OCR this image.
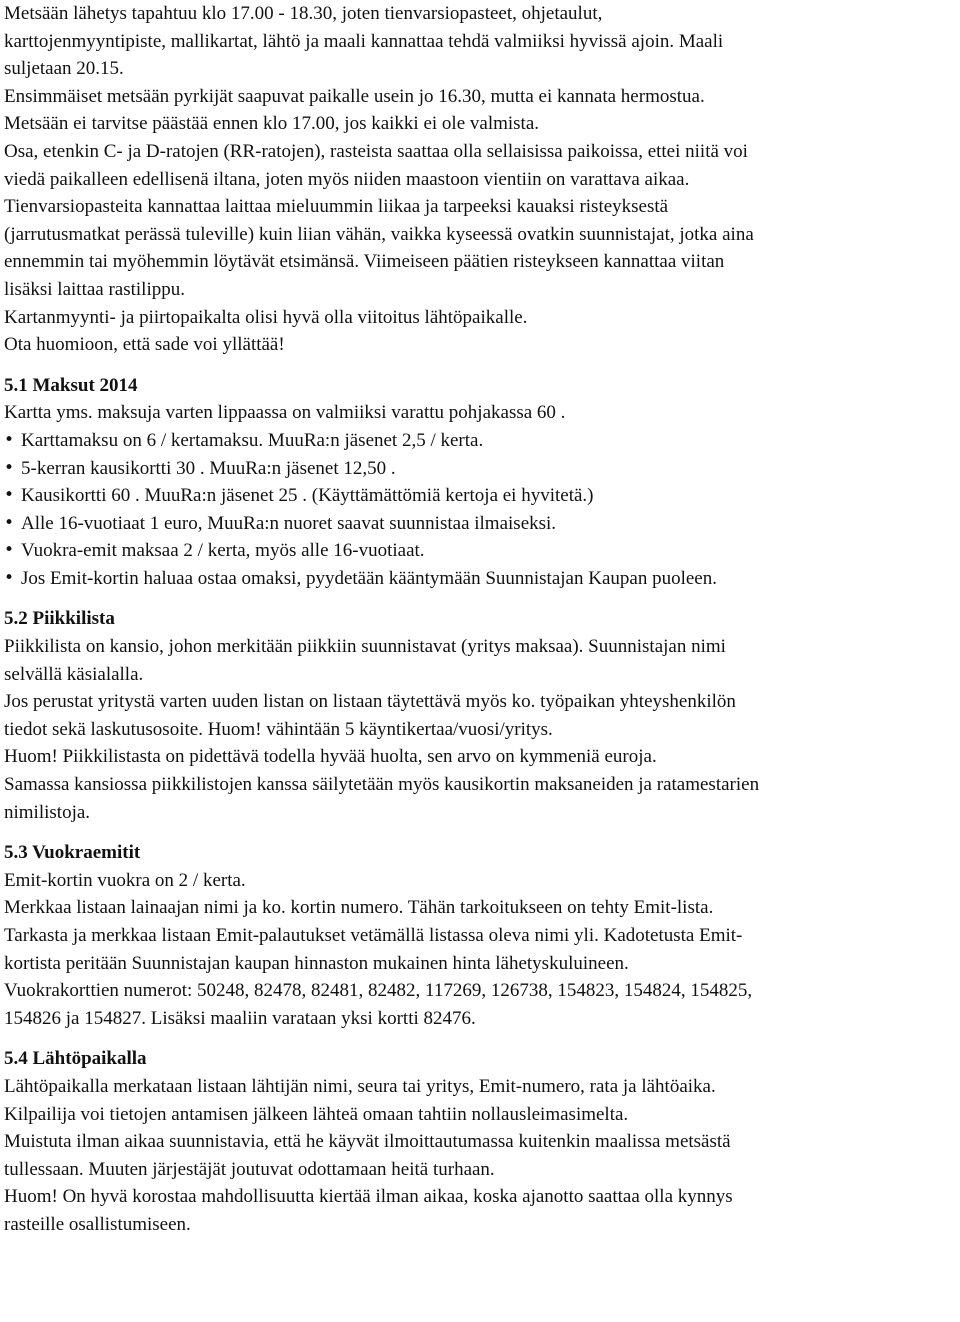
Metsään lähetys tapahtuu klo 17.00 - 18.30, joten tienvarsiopasteet, ohjetaulut,
karttojenmyyntipiste, mallikartat, lähtö ja maali kannattaa tehdä valmiiksi hyvissä ajoin. Maali
suljetaan 20.15.
Ensimmäiset metsään pyrkijät saapuvat paikalle usein jo 16.30, mutta ei kannata hermostua.
Metsään ei tarvitse päästää ennen klo 17.00, jos kaikki ei ole valmista.
Osa, etenkin C- ja D-ratojen (RR-ratojen), rasteista saattaa olla sellaisissa paikoissa, ettei niitä voi
viedä paikalleen edellisenä iltana, joten myös niiden maastoon vientiin on varattava aikaa.
Tienvarsiopasteita kannattaa laittaa mieluummin liikaa ja tarpeeksi kauaksi risteyksestä
(jarrutusmatkat perässä tuleville) kuin liian vähän, vaikka kyseessä ovatkin suunnistajat, jotka aina
ennemmin tai myöhemmin löytävät etsimänsä. Viimeiseen päätien risteykseen kannattaa viitan
lisäksi laittaa rastilippu.
Kartanmyynti- ja piirtopaikalta olisi hyvä olla viitoitus lähtöpaikalle.
Ota huomioon, että sade voi yllättää!
5.1 Maksut 2014
Kartta yms. maksuja varten lippaassa on valmiiksi varattu pohjakassa 60 .
• Karttamaksu on 6 / kertamaksu. MuuRa:n jäsenet 2,5 / kerta.
• 5-kerran kausikortti 30 . MuuRa:n jäsenet 12,50 .
• Kausikortti 60 . MuuRa:n jäsenet 25 . (Käyttämättömiä kertoja ei hyvitetä.)
• Alle 16-vuotiaat 1 euro, MuuRa:n nuoret saavat suunnistaa ilmaiseksi.
• Vuokra-emit maksaa 2 / kerta, myös alle 16-vuotiaat.
• Jos Emit-kortin haluaa ostaa omaksi, pyydetään kääntymään Suunnistajan Kaupan puoleen.
5.2 Piikkilista
Piikkilista on kansio, johon merkitään piikkiin suunnistavat (yritys maksaa). Suunnistajan nimi
selvällä käsialalla.
Jos perustat yritystä varten uuden listan on listaan täytettävä myös ko. työpaikan yhteyshenkilön
tiedot sekä laskutusosoite. Huom! vähintään 5 käyntikertaa/vuosi/yritys.
Huom! Piikkilistasta on pidettävä todella hyvää huolta, sen arvo on kymmeniä euroja.
Samassa kansiossa piikkilistojen kanssa säilytetään myös kausikortin maksaneiden ja ratamestarien
nimilistoja.
5.3 Vuokraemitit
Emit-kortin vuokra on 2 / kerta.
Merkkaa listaan lainaajan nimi ja ko. kortin numero. Tähän tarkoitukseen on tehty Emit-lista.
Tarkasta ja merkkaa listaan Emit-palautukset vetämällä listassa oleva nimi yli. Kadotetusta Emit-
kortista peritään Suunnistajan kaupan hinnaston mukainen hinta lähetyskuluineen.
Vuokrakorttien numerot: 50248, 82478, 82481, 82482, 117269, 126738, 154823, 154824, 154825,
154826 ja 154827. Lisäksi maaliin varataan yksi kortti 82476.
5.4 Lähtöpaikalla
Lähtöpaikalla merkataan listaan lähtijän nimi, seura tai yritys, Emit-numero, rata ja lähtöaika.
Kilpailija voi tietojen antamisen jälkeen lähteä omaan tahtiin nollausleimasimelta.
Muistuta ilman aikaa suunnistavia, että he käyvät ilmoittautumassa kuitenkin maalissa metsästä
tullessaan. Muuten järjestäjät joutuvat odottamaan heitä turhaan.
Huom! On hyvä korostaa mahdollisuutta kiertää ilman aikaa, koska ajanotto saattaa olla kynnys
rasteille osallistumiseen.
